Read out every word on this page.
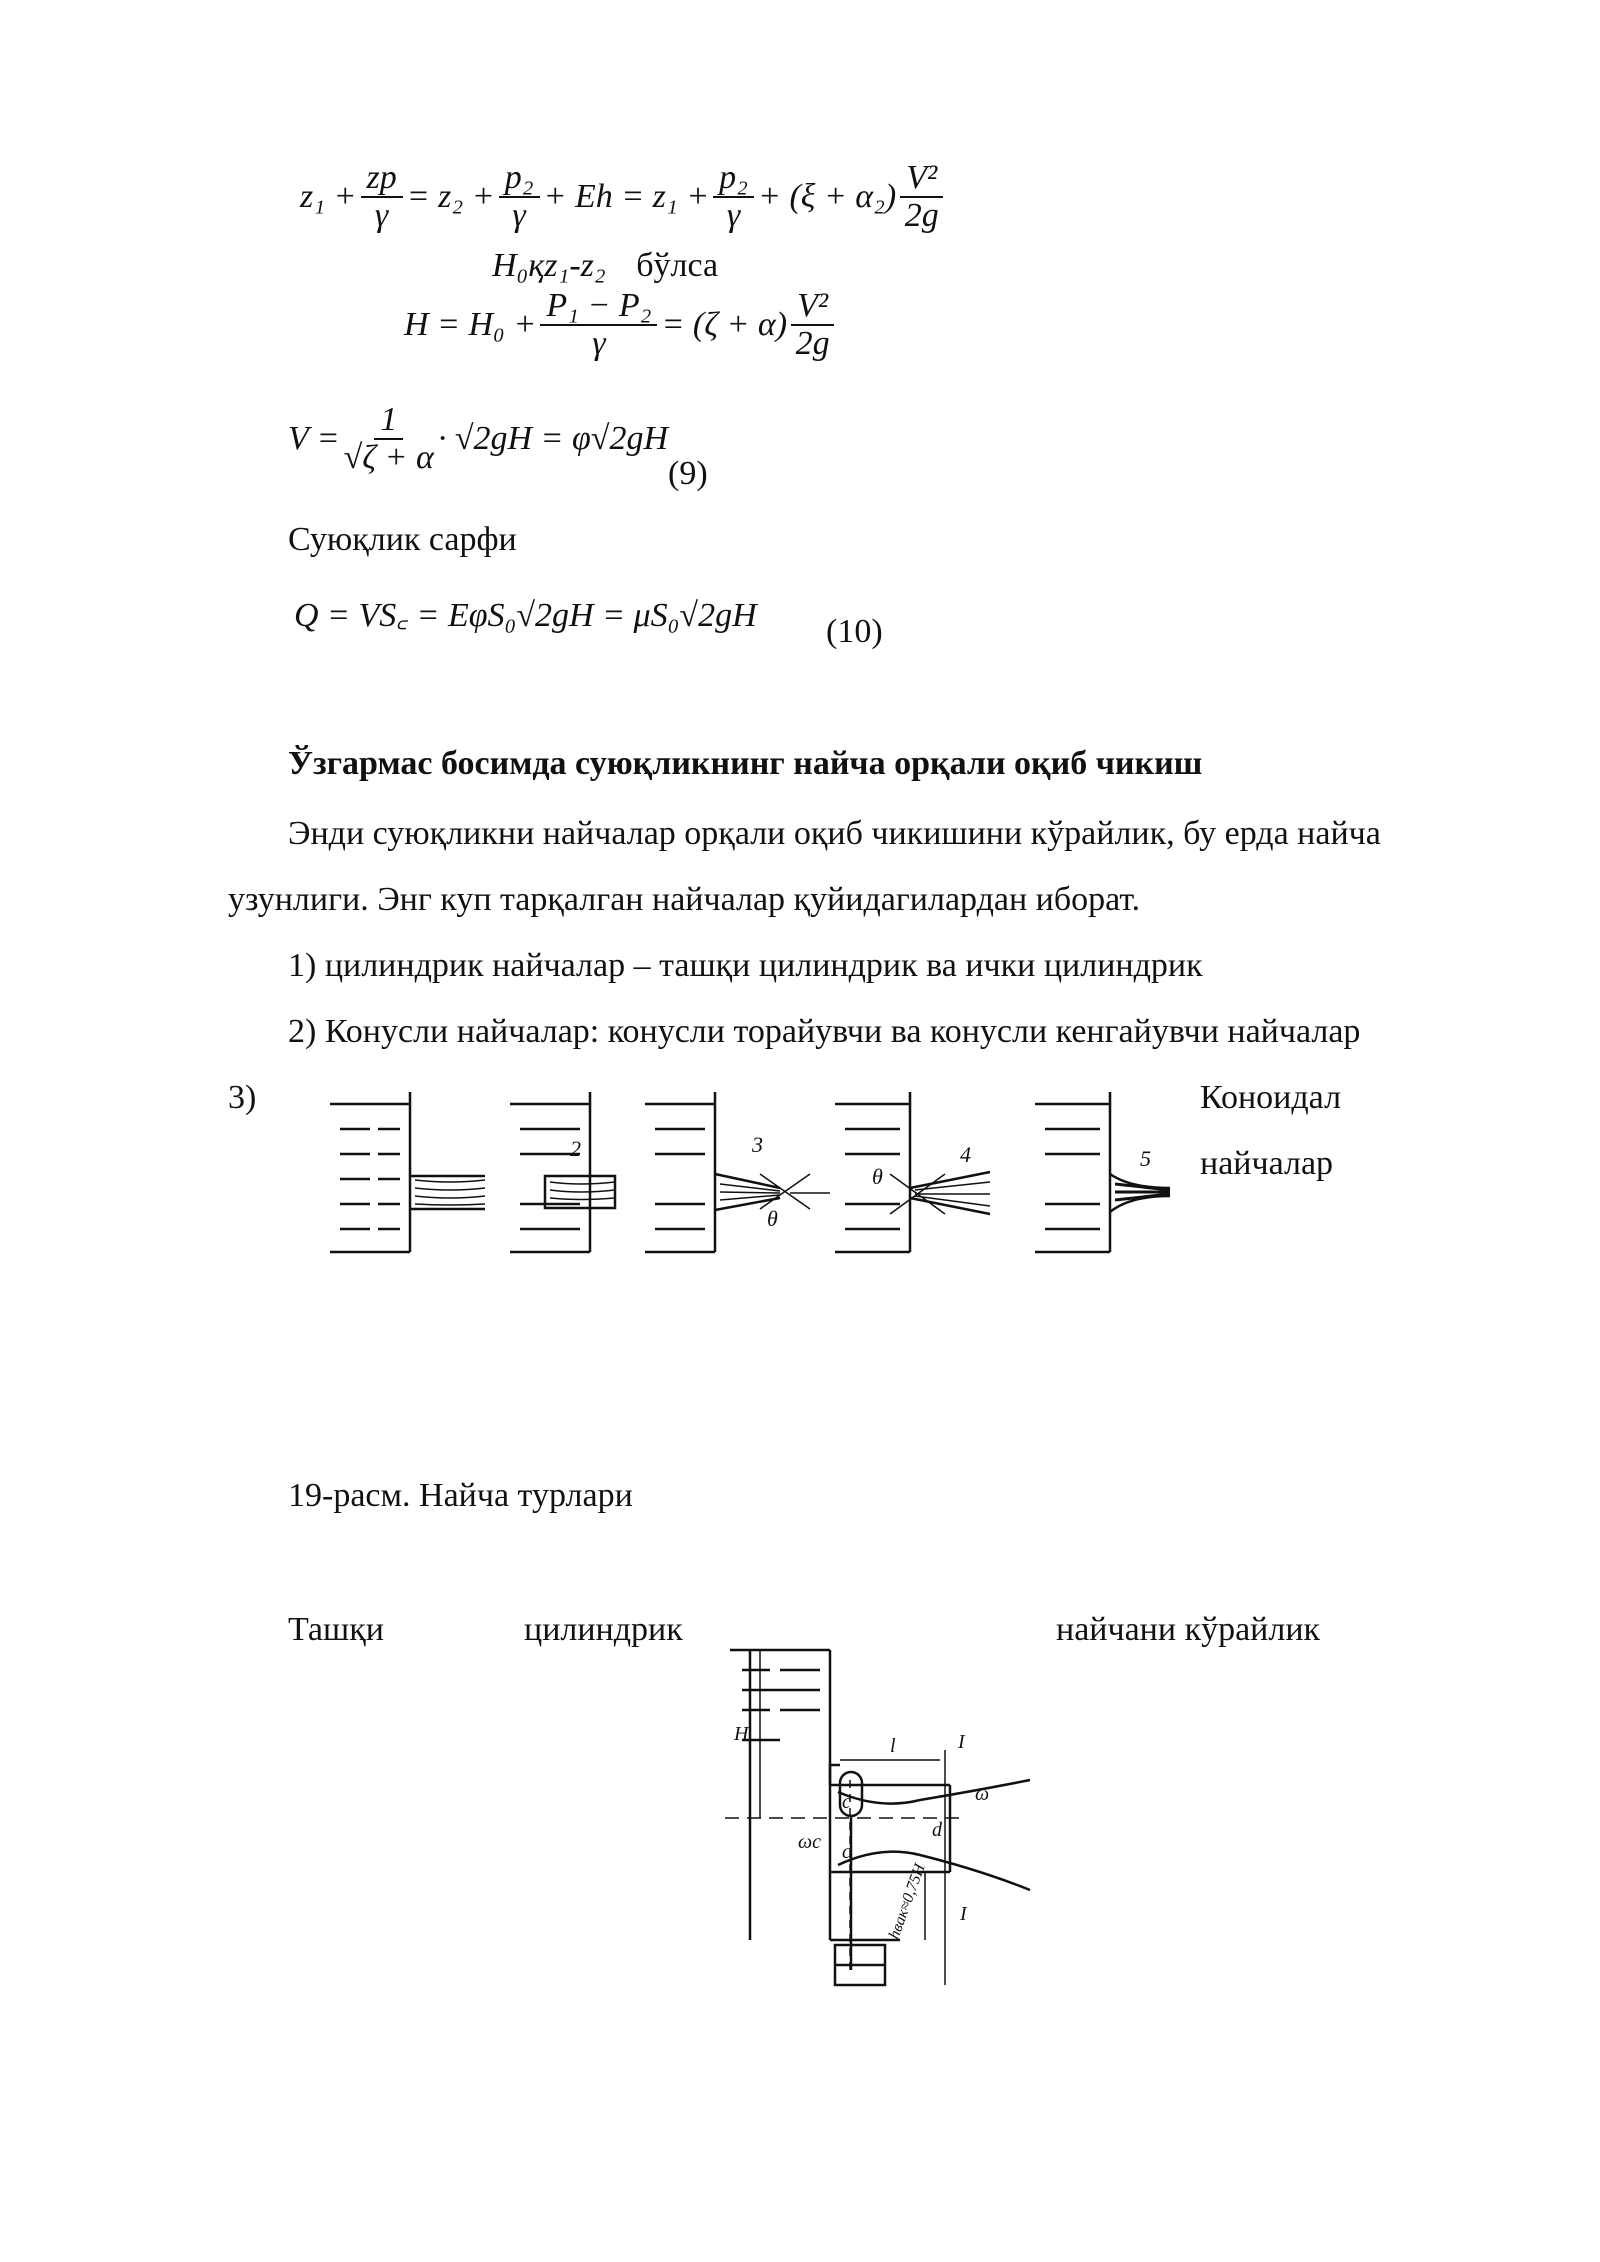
$z_1 + \frac{zp}{\gamma} = z_2 + \frac{\text{p₂}}{\gamma} + Eh = z_1 + \frac{\text{p₂}}{\gamma} + (\xi + \alpha_2) \frac{\text{V²}}{2g}$
H₀қz₁-z₂ бўлса
$H = H_0 + \frac{\text{P₁ − P₂}}{\gamma} = (\zeta + \alpha) \frac{\text{V²}}{2g}$
$V = \frac{1}{√\zeta + \alpha} \cdot √2gH = \varphi√2gH$
(9)
Суюқлик сарфи
Q = VS꜀ = EφS₀√2gH = μS₀√2gH (10)
Ўзгармас босимда суюқликнинг найча орқали оқиб чикиш
Энди суюқликни найчалар орқали оқиб чикишини кўрайлик, бу ерда найча
узунлиги. Энг куп тарқалган найчалар қуйидагилардан иборат.
1) цилиндрик найчалар – ташқи цилиндрик ва ички цилиндрик
2) Конусли найчалар: конусли торайувчи ва конусли кенгайувчи найчалар
3)	Коноидал
найчалар
2	3
θ
θ
4	5
19-расм. Найча турлари
Ташқи	цилиндрик	найчани кўрайлик
H
l	I
c	ω
d
ωc c
hвак≈0,75H I
